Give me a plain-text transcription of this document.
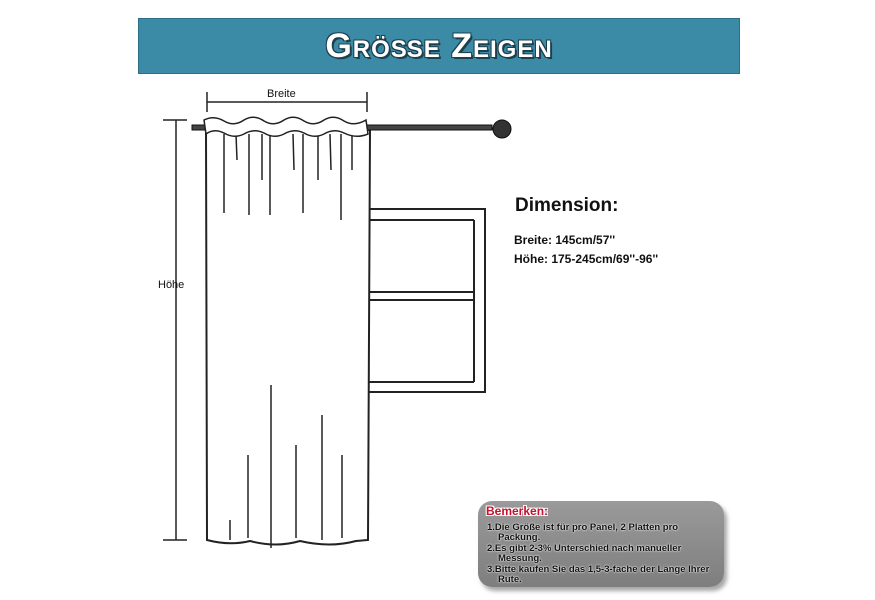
Größe Zeigen
Breite
Höhe
Dimension:
Breite: 145cm/57''
Höhe: 175-245cm/69''-96''
Bemerken:
1.Die Größe ist für pro Panel, 2 Platten pro
Packung.
2.Es gibt 2-3% Unterschied nach manueller
Messung.
3.Bitte kaufen Sie das 1,5-3-fache der Länge Ihrer
Rute.
